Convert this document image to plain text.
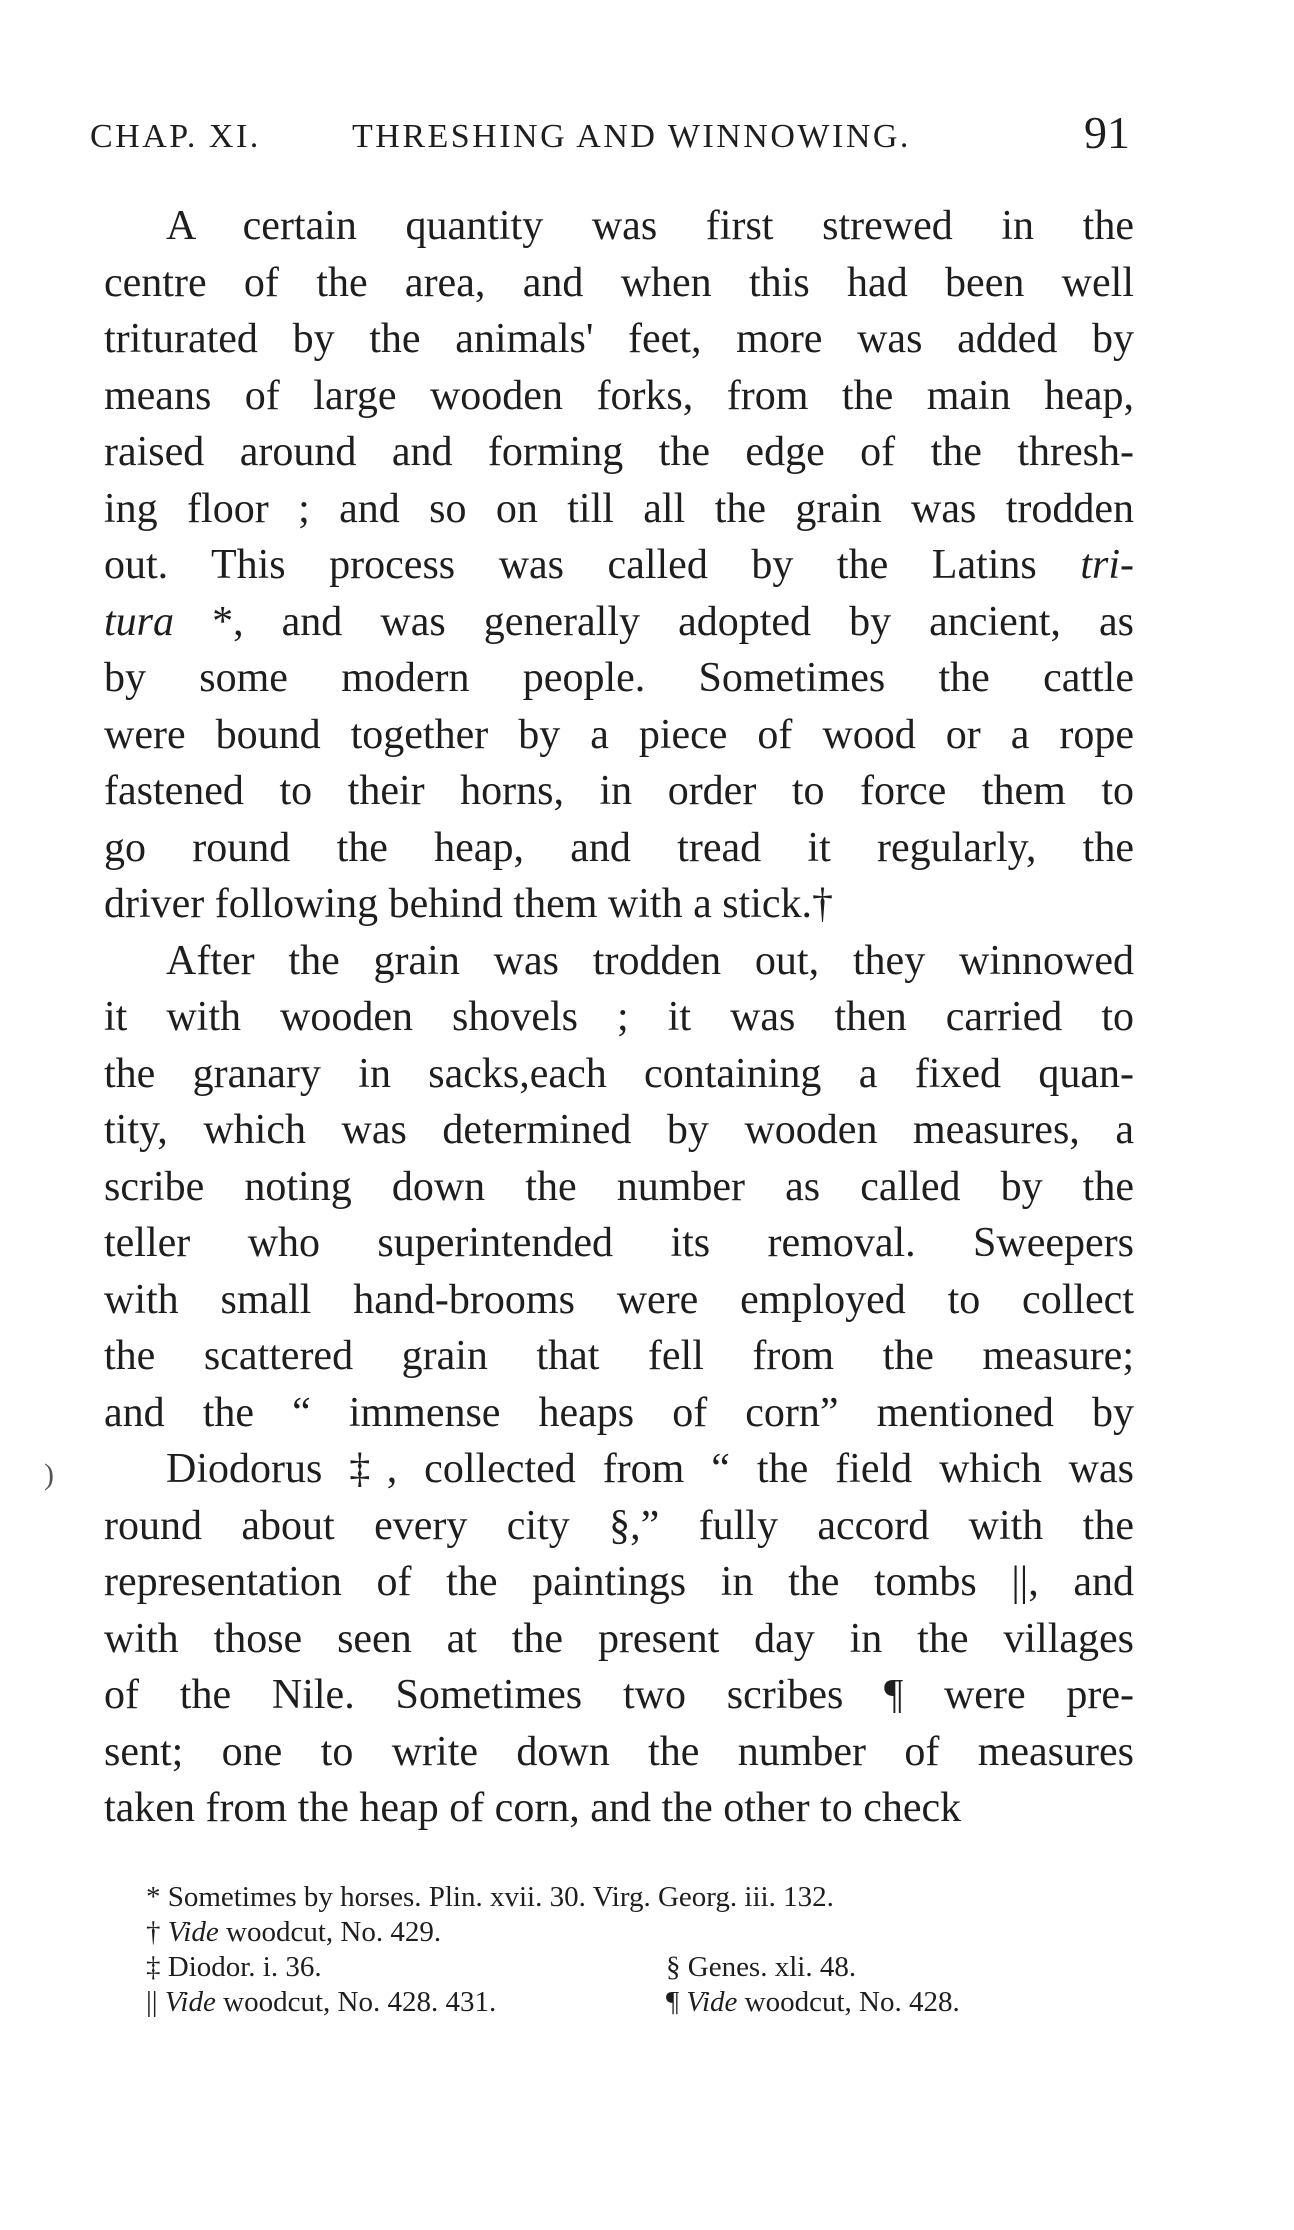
CHAP. XI.	THRESHING AND WINNOWING.	91
A certain quantity was first strewed in the
centre of the area, and when this had been well
triturated by the animals' feet, more was added by
means of large wooden forks, from the main heap,
raised around and forming the edge of the thresh-
ing floor ; and so on till all the grain was trodden
out. This process was called by the Latins tri-
tura *, and was generally adopted by ancient, as
by some modern people. Sometimes the cattle
were bound together by a piece of wood or a rope
fastened to their horns, in order to force them to
go round the heap, and tread it regularly, the
driver following behind them with a stick.†
After the grain was trodden out, they winnowed
it with wooden shovels ; it was then carried to
the granary in sacks,each containing a fixed quan-
tity, which was determined by wooden measures, a
scribe noting down the number as called by the
teller who superintended its removal. Sweepers
with small hand-brooms were employed to collect
the scattered grain that fell from the measure;
and the “ immense heaps of corn” mentioned by
Diodorus ‡, collected from “ the field which was
round about every city §,” fully accord with the
representation of the paintings in the tombs ||, and
with those seen at the present day in the villages
of the Nile. Sometimes two scribes ¶ were pre-
sent; one to write down the number of measures
taken from the heap of corn, and the other to check
)
* Sometimes by horses. Plin. xvii. 30. Virg. Georg. iii. 132.
† Vide woodcut, No. 429.
‡ Diodor. i. 36.	§ Genes. xli. 48.
|| Vide woodcut, No. 428. 431.	¶ Vide woodcut, No. 428.
